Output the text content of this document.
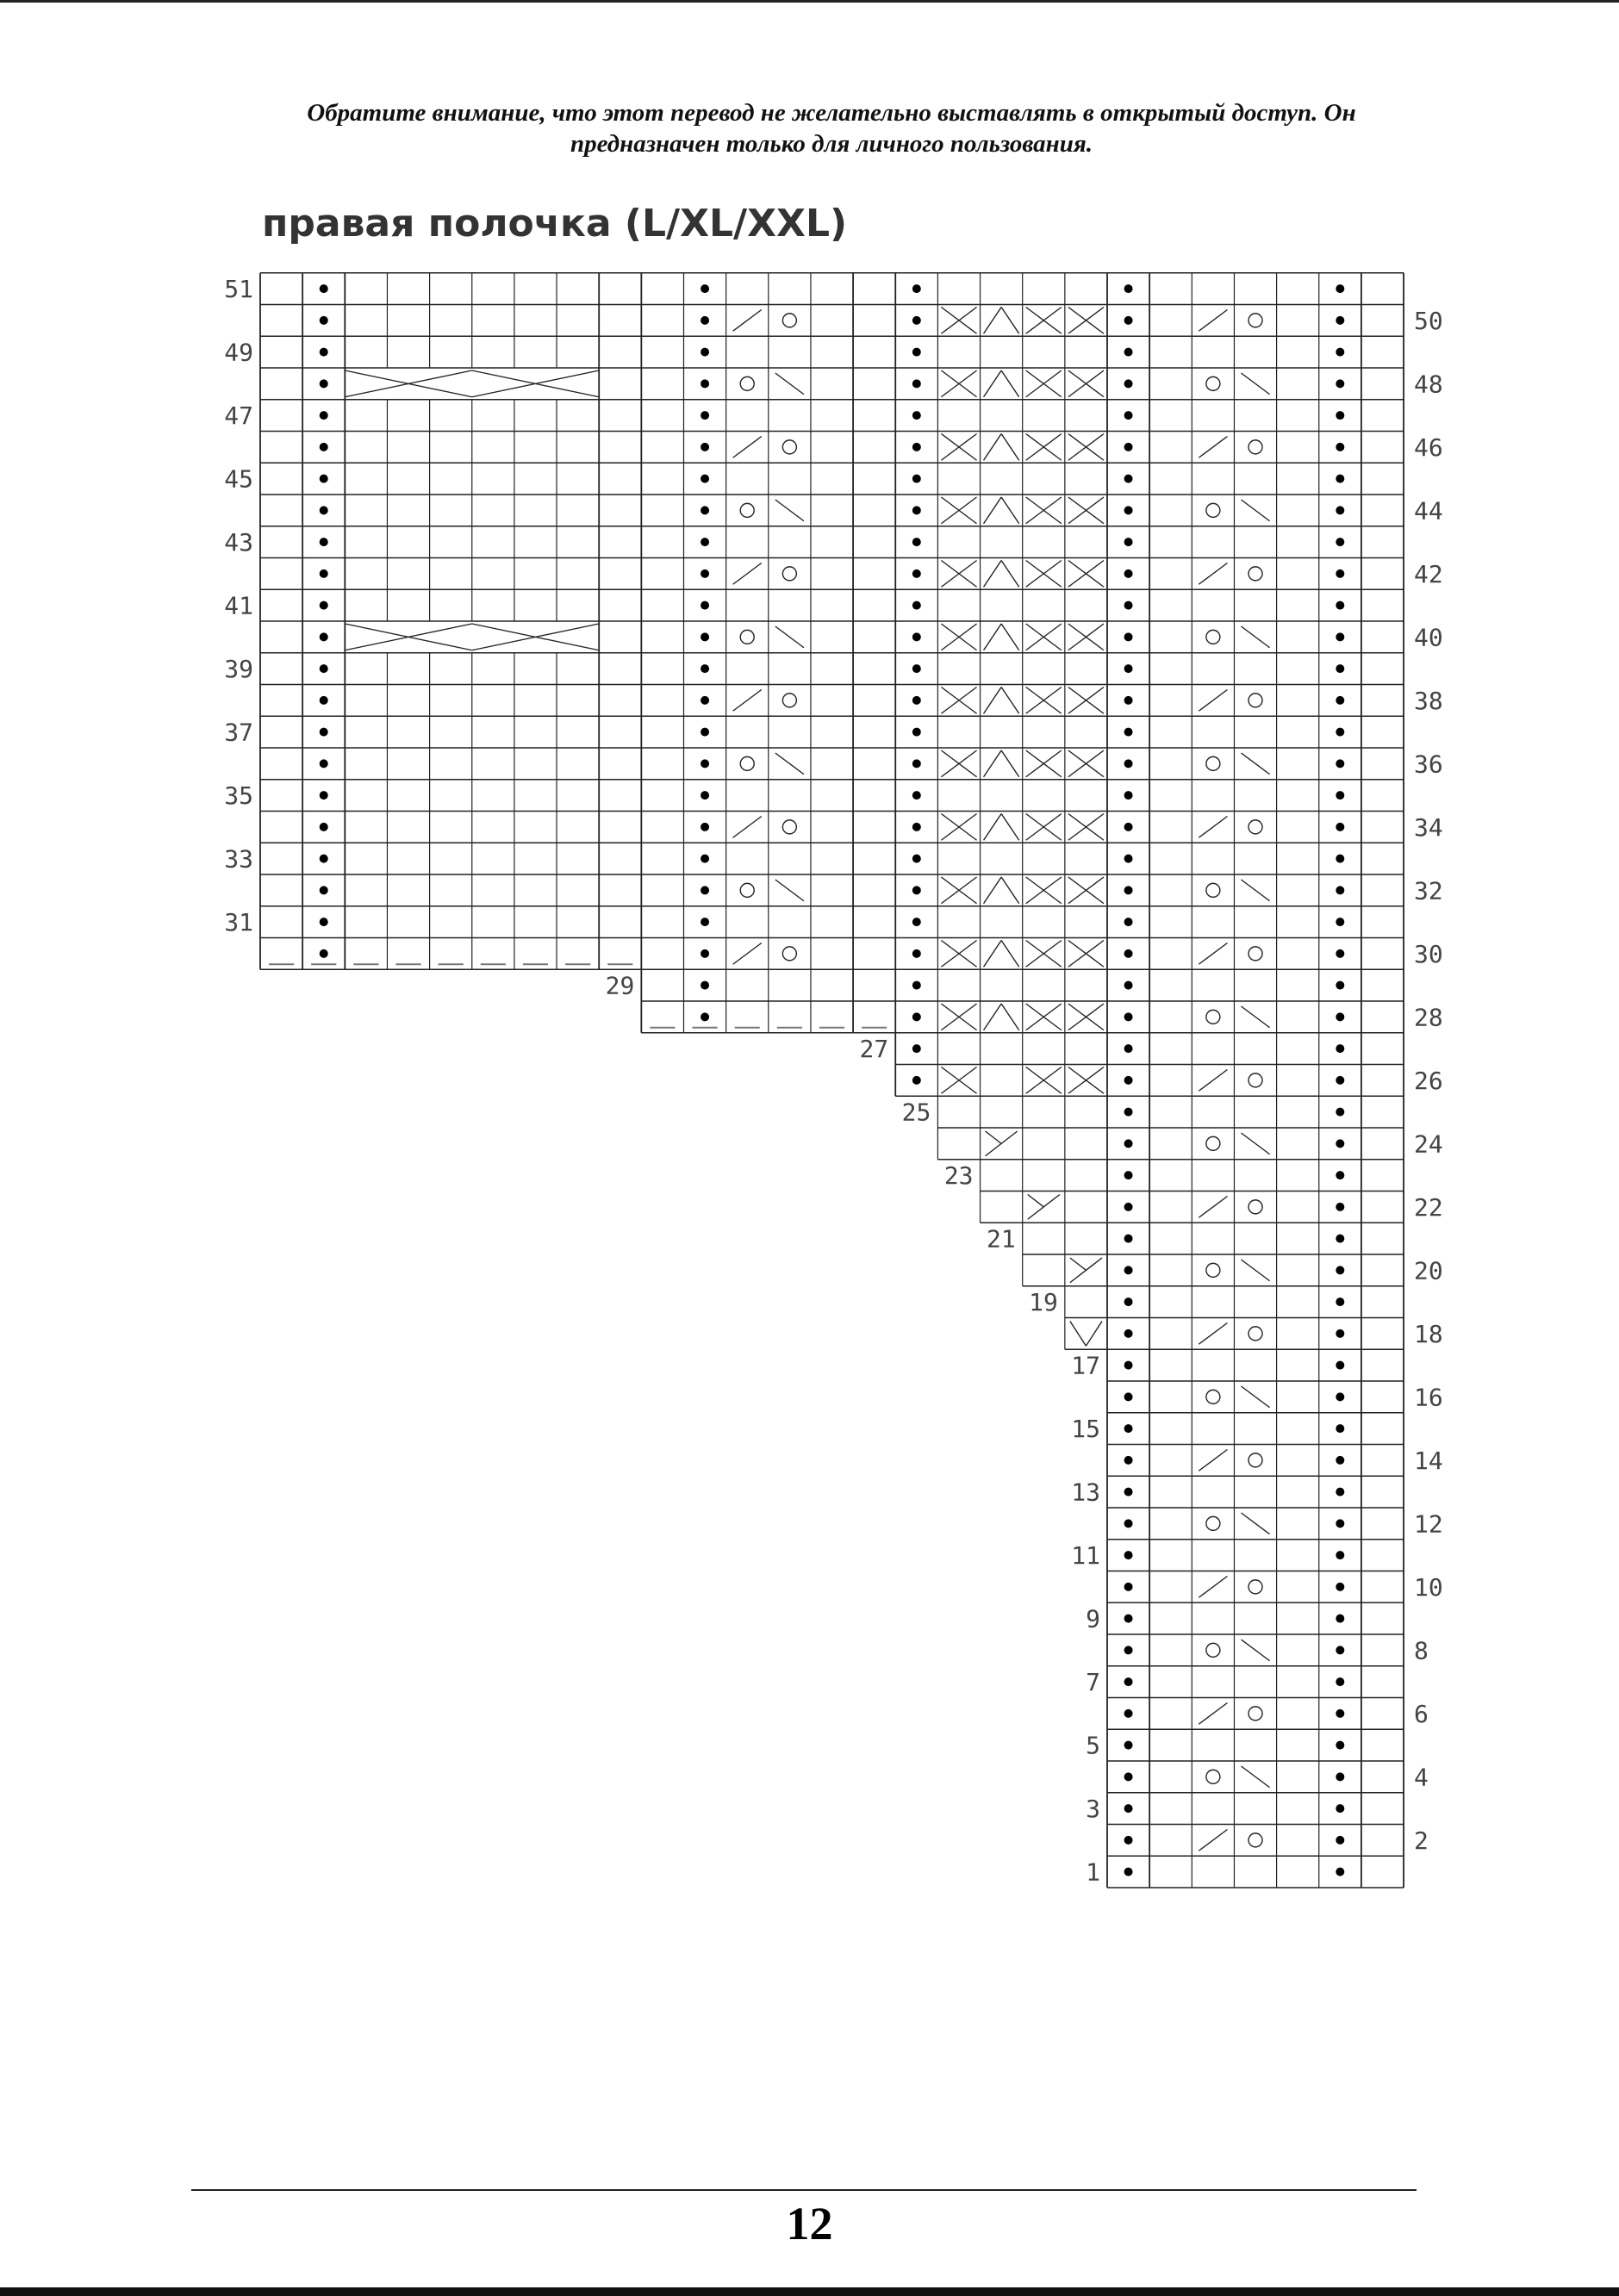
Обратите внимание, что этот перевод не желательно выставлять в открытый доступ. Он
предназначен только для личного пользования.
правая полочка (L/XL/XXL)
1
2
3
4
5
6
7
8
9
10
11
12
13
14
15
16
17
18
19
20
21
22
23
24
25
26
27
28
29
30
31
32
33
34
35
36
37
38
39
40
41
42
43
44
45
46
47
48
49
50
51
12
